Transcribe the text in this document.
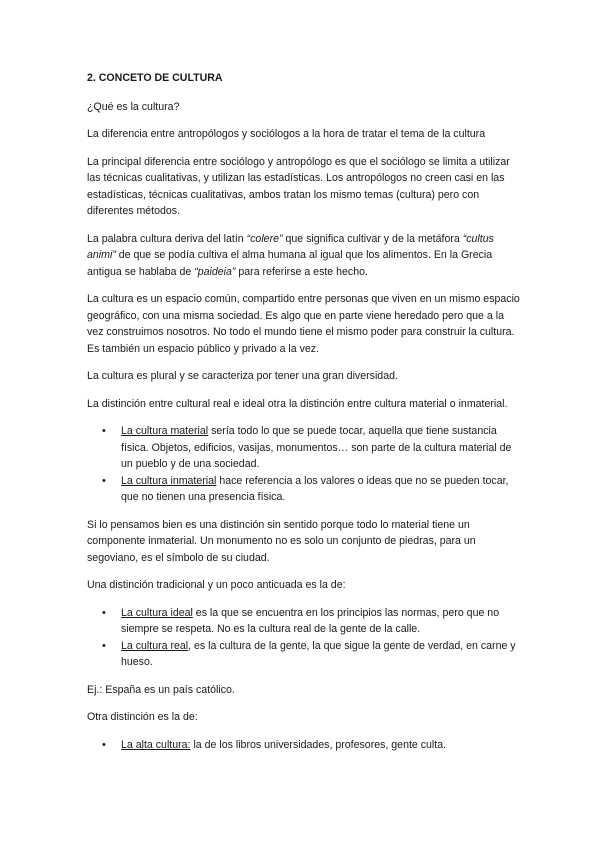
2. CONCETO DE CULTURA

¿Qué es la cultura?

La diferencia entre antropólogos y sociólogos a la hora de tratar el tema de la cultura

La principal diferencia entre sociólogo y antropólogo es que el sociólogo se limita a utilizar las técnicas cualitativas, y utilizan las estadísticas. Los antropólogos no creen casi en las estadísticas, técnicas cualitativas, ambos tratan los mismo temas (cultura) pero con diferentes métodos.

La palabra cultura deriva del latín “colere” que significa cultivar y de la metáfora “cultus animi” de que se podía cultiva el alma humana al igual que los alimentos. En la Grecia antigua se hablaba de “paideia” para referirse a este hecho.

La cultura es un espacio común, compartido entre personas que viven en un mismo espacio geográfico, con una misma sociedad. Es algo que en parte viene heredado pero que a la vez construimos nosotros. No todo el mundo tiene el mismo poder para construir la cultura. Es también un espacio público y privado a la vez.

La cultura es plural y se caracteriza por tener una gran diversidad.

La distinción entre cultural real e ideal otra la distinción entre cultura material o inmaterial.

• La cultura material sería todo lo que se puede tocar, aquella que tiene sustancia física. Objetos, edificios, vasijas, monumentos… son parte de la cultura material de un pueblo y de una sociedad.
• La cultura inmaterial hace referencia a los valores o ideas que no se pueden tocar, que no tienen una presencia física.

Si lo pensamos bien es una distinción sin sentido porque todo lo material tiene un componente inmaterial. Un monumento no es solo un conjunto de piedras, para un segoviano, es el símbolo de su ciudad.

Una distinción tradicional y un poco anticuada es la de:

• La cultura ideal es la que se encuentra en los principios las normas, pero que no siempre se respeta. No es la cultura real de la gente de la calle.
• La cultura real, es la cultura de la gente, la que sigue la gente de verdad, en carne y hueso.

Ej.: España es un país católico.

Otra distinción es la de:

• La alta cultura: la de los libros universidades, profesores, gente culta.
